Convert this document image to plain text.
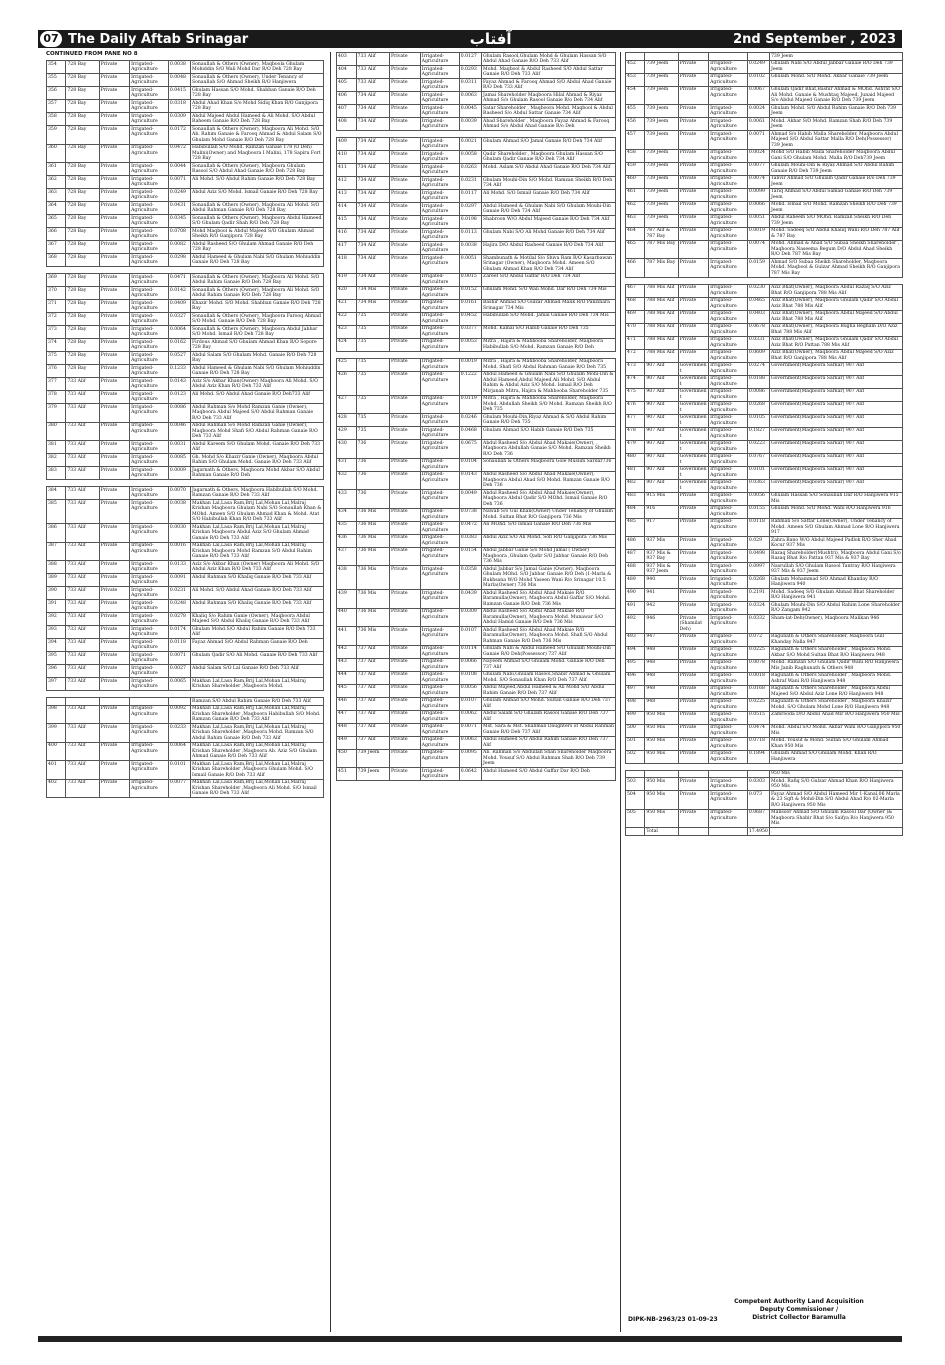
07 The Daily Aftab Srinagar	آفتاب	2nd September , 2023
CONTINUED FROM PANE NO 8
354	728 Bay	Private	Irrigated-Agriculture	0.0038	Sonaullah & Others (Owner), Maqboola Ghulam Mohiddin S/O Wali Mohd Dar R/O Deh 728 Bay
355	728 Bay	Private	Irrigated-Agriculture	0.0048	Sonaullah & Others (Owner), Under Tenancy of Sonaullah S/O Ahmad Sheikh R/O Hanjiwera
356	728 Bay	Private	Irrigated-Agriculture	0.0415	Ghulam Hassan S/O Mohd. Shabban Ganaie R/O Deh 728 Bay
357	728 Bay	Private	Irrigated-Agriculture	0.0318	Abdul Ahad Khan S/o Mohd Sidiq Khan R/O Ganjipora 728 Bay
358	728 Bay	Private	Irrigated-Agriculture	0.0309	Abdul Majeed Abdul Hameed & Ali Mohd. S/O Abdul Raheem Ganaie R/O Deh 728 Bay
359	728 Bay	Private	Irrigated-Agriculture	0.0172	Sonaullah & Others (Owner), Maqboora Ali Mohd. S/O Ab. Rahim Ganaie & Farooq Ahmad & Abdul Salam S/O Ghulam Mohd Ganaie R/O Deh 728 Bay
360	728 Bay	Private	Irrigated-Agriculture	0.0472	Habibullah S/O Mohd. Ramzan Ganaie 178 (O Deh) Malini(Owner) and Maqboora I Malini, 178 Sapiru Fort 728 Bay
361	728 Bay	Private	Irrigated-Agriculture	0.0044	Sonaullah & Others (Owner), Maqboora Ghulam Rasool S/O Abdul Ahad Ganaie R/O Deh 728 Bay
362	728 Bay	Private	Irrigated-Agriculture	0.0071	Ali Mohd. S/O Abdul Rahim Ganaie R/O Deh 728 Bay
363	728 Bay	Private	Irrigated-Agriculture	0.0249	Abdul Aziz S/O Mohd. Ismail Ganaie R/O Deh 728 Bay
364	728 Bay	Private	Irrigated-Agriculture	0.0431	Sonaullah & Others (Owner), Maqboora Ali Mohd. S/O Abdul Rahman Ganaie R/O Deh 728 Bay
365	728 Bay	Private	Irrigated-Agriculture	0.0345	Sonaullah & Others (Owner), Maqboora Abdul Hameed S/O Ghulam Qadir Shah R/O Deh 728 Bay
366	728 Bay	Private	Irrigated-Agriculture	0.0708	Mohd Maqbool & Abdul Majeed S/O Ghulam Ahmad Sheikh R/O Ganjipora 728 Bay
367	728 Bay	Private	Irrigated-Agriculture	0.0082	Abdul Rasheed S/O Ghulam Ahmad Ganaie R/O Deh 728 Bay
368	728 Bay	Private	Irrigated-Agriculture	0.0298	Abdul Hameed & Ghulam Nabi S/O Ghulam Mohiuddin Ganaie R/O Deh 728 Bay
369	728 Bay	Private	Irrigated-Agriculture	0.0471	Sonaullah & Others (Owner), Maqboora Ali Mohd. S/O Abdul Rahim Ganaie R/O Deh 728 Bay
370	728 Bay	Private	Irrigated-Agriculture	0.0142	Sonaullah & Others (Owner), Maqboora Ali Mohd. S/O Abdul Rahim Ganaie R/O Deh 728 Bay
371	728 Bay	Private	Irrigated-Agriculture	0.0409	Khazir Mohd. S/O Mohd. Shabban Ganaie R/O Deh 728 Bay
372	728 Bay	Private	Irrigated-Agriculture	0.0327	Sonaullah & Others (Owner), Maqboora Farooq Ahmad S/O Mohd. Ganaie R/O Deh 728 Bay
373	728 Bay	Private	Irrigated-Agriculture	0.0064	Sonaullah & Others (Owner), Maqboora Abdul Jabbar S/O Mohd. Ismail R/O Deh 728 Bay
374	728 Bay	Private	Irrigated-Agriculture	0.0162	Firdous Ahmad S/O Ghulam Ahmad Khan R/O Sopore 728 Bay
375	728 Bay	Private	Irrigated-Agriculture	0.0527	Abdul Salam S/O Ghulam Mohd. Ganaie R/O Deh 728 Bay
376	728 Bay	Private	Irrigated-Agriculture	0.1233	Abdul Hameed & Ghulam Nabi S/O Ghulam Mohiuddin Ganaie R/O Deh 728 Bay
377	733 Alif	Private	Irrigated-Agriculture	0.0143	Aziz S/o Akbar Khan(Owner) Maqboora Ali Mohd. S/O Abdul Aziz Khan R/O Deh 733 Alif
378	733 Alif	Private	Irrigated-Agriculture	0.0123	Ali Mohd. S/O Abdul Ahad Ganaie R/O Deh733 Alif
379	733 Alif	Private	Irrigated-Agriculture	0.0086	Abdul Rahman S/o Mohd Ramzan Ganie (Owner), Maqboora Abdul Majeed S/O Abdul Rahman Ganaie R/O Deh 733 Alif
380	733 Alif	Private	Irrigated-Agriculture	0.0046	Abdul Rahman S/o Mohd Ramzan Ganie (Owner), Maqboora Mohd Shafi S/O Abdul Rahman Ganaie R/O Deh 733 Alif
381	733 Alif	Private	Irrigated-Agriculture	0.0031	Abdul Kareem S/O Ghulam Mohd. Ganaie R/O Deh 733 Alif
382	733 Alif	Private	Irrigated-Agriculture	0.0085	Gh. Mohd S/o Khazir Ganie (Owner), Maqboora Abdul Rahim S/O Ghulam Mohd. Ganaie R/O Deh 733 Alif
383	733 Alif	Private	Irrigated-Agriculture	0.0009	Jagarnath & Others, Maqboora Mohd Akbar S/O Abdul Rahman Ganaie R/O Deh
384	733 Alif	Private	Irrigated-Agriculture	0.0070	Jagarnath & Others, Maqboora Habibullah S/O Mohd. Ramzan Ganaie R/O Deh 733 Alif
385	733 Alif	Private	Irrigated-Agriculture	0.0038	Makhan Lal,Lasa Ram,Brij Lal,Mohan Lal,Malraj Krishan Maqboora Ghulam Nabi S/O Sonaullah Khan & MOhd. Ameen S/O Ghulam Ahmad Khan & Mohd. Atat S/O Habibullah Khan R/O Deh 733 Alif
386	733 Alif	Private	Irrigated-Agriculture	0.0030	Makhan Lal,Lasa Ram,Brij Lal,Mohan Lal,Malraj Krishan Maqboora Abdul Aziz S/O Ghulam Ahmad Ganaie R/O Deh 733 Alif
387	733 Alif	Private	Irrigated-Agriculture	0.0016	Makhan Lal,Lasa Ram,Brij Lal,Mohan Lal,Malraj Krishan Maqboora Mohd Ramzan S/O Abdul Rahim Ganaie R/O Deh 733 Alif
388	733 Alif	Private	Irrigated-Agriculture	0.0133	Aziz S/o Akbar Khan (Owner) Maqboora Ali Mohd. S/O Abdul Aziz Khan R/O Deh 733 Alif
389	733 Alif	Private	Irrigated-Agriculture	0.0091	Abdul Rahman S/O Khaliq Ganaie R/O Deh 733 Alif
390	733 Alif	Private	Irrigated-Agriculture	0.0231	Ali Mohd. S/O Abdul Ahad Ganaie R/O Deh 733 Alif
391	733 Alif	Private	Irrigated-Agriculture	0.0248	Abdul Rahman S/O Khaliq Ganaie R/O Deh 733 Alif
392	733 Alif	Private	Irrigated-Agriculture	0.0278	Khaliq S/o Rahim Ganie (Owner), Maqboora Abdul Majeed S/O Abdul Khaliq Ganaie R/O Deh 733 Alif
393	733 Alif	Private	Irrigated-Agriculture	0.0174	Ghulam Mohd.S/O Abdul Rahim Ganaie R/O Deh 733 Alif
394	733 Alif	Private	Irrigated-Agriculture	0.0118	Fayaz Ahmad S/O Abdul Rahman Ganaie R/O Deh
395	733 Alif	Private	Irrigated-Agriculture	0.0071	Ghulam Qadir S/O Ali Mohd. Ganaie R/O Deh 733 Alif
396	733 Alif	Private	Irrigated-Agriculture	0.0027	Abdul Salam S/O Lal Ganaie R/O Deh 733 Alif
397	733 Alif	Private	Irrigated-Agriculture	0.0065	Makhan Lal,Lasa Ram,Brij Lal,Mohan Lal,Malraj Krishan Shareholder ,Maqboora Mohd.
					Ramzan S/O Abdul Rahim Ganaie R/O Deh 733 Alif
398	733 Alif	Private	Irrigated-Agriculture	0.0092	Makhan Lal,Lasa Ram,Brij Lal,Mohan Lal,Malraj Krishan Shareholder ,Maqboora Habibullah S/O Mohd. Ramzan Ganaie R/O Deh 733 Alif
399	733 Alif	Private	Irrigated-Agriculture	0.0233	Makhan Lal,Lasa Ram,Brij Lal,Mohan Lal,Malraj Krishan Shareholder ,Maqboora Mohd. Ramzan S/O Abdul Rahim Ganaie R/O Deh 733 Alif
400	733 Alif	Private	Irrigated-Agriculture	0.0064	Makhan Lal,Lasa Ram,Brij Lal,Mohan Lal,Malraj Krishan Shareholder ,Maqboora Ab. Aziz S/O Ghulam Ahmad Ganaie R/O Deh 733 Alif
401	733 Alif	Private	Irrigated-Agriculture	0.0101	Makhan Lal,Lasa Ram,Brij Lal,Mohan Lal,Malraj Krishan Shareholder ,Maqboora Ghulam Mohd. S/O Ismail Ganaie R/O Deh 733 Alif
402	733 Alif	Private	Irrigated-Agriculture	0.0077	Makhan Lal,Lasa Ram,Brij Lal,Mohan Lal,Malraj Krishan Shareholder ,Maqboora Ali Mohd. S/O Ismail Ganaie R/O Deh 733 Alif
403	733 Alif	Private	Irrigated-Agriculture	0.0127	Ghulam Rasool,Ghulam Mohd & Ghulam Hassan S/O Abdul Ahad Ganaie R/O Deh 733 Alif
404	733 Alif	Private	Irrigated-Agriculture	0.0293	Mohd. Maqbool & Abdul Rasheed S/O Abdul Sattar Ganaie R/O Deh 733 Alif
405	733 Alif	Private	Irrigated-Agriculture	0.0311	Fayaz Ahmad & Farooq Ahmad S/O Abdul Ahad Ganaie R/O Deh 733 Alif
406	734 Alif	Private	Irrigated-Agriculture	0.0063	Jamai Shareholder Maqboora Hilal Ahmad & Riyaz Ahmad S/o Ghulam Rasool Ganaie R/o Deh 734 Alif
407	734 Alif	Private	Irrigated-Agriculture	0.0045	Satar Shareholder , Maqboora Mohd. Maqbool & Abdul Rasheed S/o Abdul Sattar Ganaie 734 Alif
408	734 Alif	Private	Irrigated-Agriculture	0.0039	Abad Shareholder , Maqboora Fayaz Ahmad & Farooq Ahmad S/o Abdul Ahad Ganaie R/o Deh
409	734 Alif	Private	Irrigated-Agriculture	0.0021	Ghulam Ahmad S/O Jamal Ganaie R/O Deh 734 Alif
410	734 Alif	Private	Irrigated-Agriculture	0.0058	Qadir Shareholder , Maqboora Ghulam Hassan S/O Ghulam Qadir Ganaie R/O Deh 734 Alif
411	734 Alif	Private	Irrigated-Agriculture	0.0263	Mohd. Aslam S/O Abdul Ahad Ganaie R/O Deh 734 Alif
412	734 Alif	Private	Irrigated-Agriculture	0.0231	Ghulam Mouhi-Din S/O Mohd. Ramzan Sheikh R/O Deh 734 Alif
413	734 Alif	Private	Irrigated-Agriculture	0.0117	Ali Mohd. S/O Ismail Ganaie R/O Deh 734 Alif
414	734 Alif	Private	Irrigated-Agriculture	0.0297	Abdul Hameed & Ghulam Nabi S/O Ghulam Mouhi-Din Ganaie R/O Deh 734 Alif
415	734 Alif	Private	Irrigated-Agriculture	0.0198	Shabroon W/O Abdul Majeed Ganaie R/O Deh 734 Alif
416	734 Alif	Private	Irrigated-Agriculture	0.0113	Ghulam Nabi S/O Ali Mohd Ganaie R/O Deh 734 Alif
417	734 Alif	Private	Irrigated-Agriculture	0.0038	Hajira D/O Abdul Rasheed Ganaie R/O Deh 734 Alif
418	734 Alif	Private	Irrigated-Agriculture	0.0051	Shambunath & Motilal S/o Shiva Ram R/O Kasarbawan Srinagar (Owner), Maqboora Mohd. Ameen S/O Ghulam Ahmad Khan R/O Deh 734 Alif
419	734 Alif	Private	Irrigated-Agriculture	0.0015	Zareef S/O Abdul Gaffar R/O Deh 734 Alif
420	734 Mis	Private	Irrigated-Agriculture	0.0152	Ghulam Mohd. S/O Wali Mohd. Dar R/O Deh 734 Mis
421	734 Mis	Private	Irrigated-Agriculture	0.0161	Bashir Ahmad S/O Gulzar Ahmad Malik R/O Panzinara Srinagar 734 Mis
422	735	Private	Irrigated-Agriculture	0.0452	Habibullah S/O Mohd. Jamal Ganaie R/O Deh 734 Mis
423	735	Private	Irrigated-Agriculture	0.0377	Mohd. Kamal S/O Habib Ganaie R/O Deh 735
424	735	Private	Irrigated-Agriculture	0.0053	Mitra , Hajira & Mahbooba Shareholder, Maqboora Habibullah S/O Mohd. Ramzan Ganaie R/O Deh
425	735	Private	Irrigated-Agriculture	0.0019	Mitra , Hajira & Mahbooba Shareholder, Maqboora Mohd. Shafi S/O Abdul Rahman Ganaie R/O Deh 735
426	735	Private	Irrigated-Agriculture	0.1222	Abdul Hameed & Ghulam Nabi S/O Ghulam Mohi-Din & Abdul Hameed,Abdul Majeed,Ali Mohd. S/O Abdul Rahim & Abdul Aziz S/O Mohd. Ismail R/O Deh Mirjanab Mitra, Hajira & Mahbooba Shareholder 735
427	735	Private	Irrigated-Agriculture	0.0119	Mitra , Hajira & Mahbooba Shareholder, Maqboora Mohd. Abdullah Sheikh S/O Mohd. Ramzan Sheikh R/O Deh 735
428	735	Private	Irrigated-Agriculture	0.0246	Ghulam Mouhi-Din,Riyaz Ahmad & S/O Abdul Rahim Ganaie R/O Deh 735
429	735	Private	Irrigated-Agriculture	0.0468	Ghulam Ahmad S/O Habib Ganaie R/O Deh 735
430	736	Private	Irrigated-Agriculture	0.0675	Abdul Rasheed S/o Abdul Ahad Makaie(Owner), , Maqboora Abdullah Ganaie S/O Mohd. Ramzan Sheikh R/O Deh 736
431	736	Private	Irrigated-Agriculture	0.0104	Sonaullah & Others Maqboora Gole Muslim Sardar736
432	736	Private	Irrigated-Agriculture	0.0143	Abdul Rasheed S/o Abdul Ahad Makaie(Owner), Maqboora Abdul Ahad S/O Mohd. Ramzan Ganaie R/O Deh 736
433	736	Private	Irrigated-Agriculture	0.0049	Abdul Rasheed S/o Abdul Ahad Makaie(Owner), Maqboora Abdul Qadir S/O MOhd. Ismail Ganaie R/O Deh 736
434	736 Mis	Private	Irrigated-Agriculture	0.0738	Nawab S/o Gul Khan(Owner) Under Tenancy of Ghulam Mohd. Sultan Bhat R/O Ganjipora 736 Mis
435	736 Mis	Private	Irrigated-Agriculture	0.0472	Ali MOhd. S/O Ismail Ganaie R/O Deh 736 Mis
436	736 Mis	Private	Irrigated-Agriculture	0.0383	Abdul Aziz S/O Ali Mohd. Sofi R/O Ganjipora 736 Mis
437	736 Mis	Private	Irrigated-Agriculture	0.0154	Abdul Jabbar Ganie S/o Mohd Jamal ( Owner) Maqboora ,Ghulam Qadir S/O Jabbar Ganaie R/O Deh 736 Mis
438	736 Mis	Private	Irrigated-Agriculture	0.0358	Abdul Jabbar S/o Jamal Ganie (Owner), Maqboora Ghulam MOhd. S/O Jabbar Ganaie R/O Deh (1-Marla & Rukhsana W/O Mohd Yaseen Wani R/o Srinagar 10.5 Marla(Owner) 736 Mis
439	736 Mis	Private	Irrigated-Agriculture	0.0439	Abdul Rasheed S/o Abdul Ahad Makaie R/O Baramulla(Owner), Maqboora Abdul Gaffar S/O Mohd. Ramzan Ganaie R/O Deh 736 Mis
440	736 Mis	Private	Irrigated-Agriculture	0.0309	Abdul Rasheed S/o Abdul Ahad Makaie R/O Baramulla(Owner), Maqboora Mohd. Munawar S/O Abdul Hamid Ganaie R/O Deh 736 Mis
441	736 Mis	Private	Irrigated-Agriculture	0.0107	Abdul Rasheed S/o Abdul Ahad Makaie R/O Baramulla(Owner), Maqboora Mohd. Shafi S/O Abdul Rahman Ganaie R/O Deh 736 Mis
442	737 Alif	Private	Irrigated-Agriculture	0.0114	Ghulam Nabi & Abdul Hameed S/O Ghulam Mouhi-Din Ganaie R/O Deh(Possessor) 737 Alif
443	737 Alif	Private	Irrigated-Agriculture	0.0066	Nayeem Ahmad S/O Ghulam Mohd. Ganaie R/O Deh 737 Alif
444	737 Alif	Private	Irrigated-Agriculture	0.0108	Ghulam Nabi,Ghulam Rasool,Shabir Ahmad & Ghulam Mohd. S/O Sonaullah Khan R/O Deh 737 Alif
445	737 Alif	Private	Irrigated-Agriculture	0.0056	Abdul Majeed,Abdul Hameed & Ali Mohd S/O Abdul Rahim Ganaie R/O Deh 737 Alif
446	737 Alif	Private	Irrigated-Agriculture	0.0107	Ghulam Ahmad S/O Mohd. Sultan Ganaie R/O Deh 737 Alif
447	737 Alif	Private	Irrigated-Agriculture	0.0062	Abdul Salam S/O Ghulam Rasool Ganaie R/O Deh 737 Alif
448	737 Alif	Private	Irrigated-Agriculture	0.0071	Mst. Sara & Mst. Shahmali Daughters of Abdul Rahman Ganaie R/O Deh 737 Alif
449	737 Alif	Private	Irrigated-Agriculture	0.0063	Abdul Hameed S/O Abdul Rahim Ganaie R/O Deh 737 Alif
450	739 Jeem	Private	Irrigated-Agriculture	0.0095	Ab. Rahman S/o Abdullah Shah Shareholder Maqboora Mohd. Yousuf S/O Abdul Rahman Shah R/O Deh 739 Jeem
451	739 Jeem	Private	Irrigated-Agriculture	0.0642	Abdul Hameed S/O Abdul Gaffar Dar R/O Deh
					739 Jeem
452	739 Jeem	Private	Irrigated-Agriculture	0.0249	Ghulam Nabi S/O Abdul Jabbar Ganaie R/O Deh 739 Jeem
453	739 Jeem	Private	Irrigated-Agriculture	0.0102	Ghulam Mohd. S/O Mohd. Akbar Ganaie 739 Jeem
454	739 Jeem	Private	Irrigated-Agriculture	0.0067	Ghulam Qadir Bhat,Bashir Ahmad & MOhd. Ashraf S/O Ali Mohd. Ganaie & Mushtaq Majeed, Junaid Majeed S/o Abdul Majeed Ganaie R/O Deh 739 Jeem
455	739 Jeem	Private	Irrigated-Agriculture	0.0024	Ghulam Mohd. S/O Abdul Rahim Ganaie R/O Deh 739 Jeem
456	739 Jeem	Private	Irrigated-Agriculture	0.0061	Mohd. Akbar S/O Mohd. Ramzan Shah R/O Deh 739 Jeem
457	739 Jeem	Private	Irrigated-Agriculture	0.0071	Ahmad S/o Habib Malla Shareholder, Maqboora Abdul Majeed S/O Abdul Sattar Malla R/O Deh(Possessor) 739 Jeem
458	739 Jeem	Private	Irrigated-Agriculture	0.0024	Mohd S/O Habib Malla Shareholder Maqboora Abdul Gani S/O Ghulam Mohd. Malla R/O Deh739 Jeem
459	739 Jeem	Private	Irrigated-Agriculture	0.0077	Ghulam Mouhi-Din & Riyaz Ahmad S/O Abdul Rahim Ganaie R/O Deh 739 Jeem
460	739 Jeem	Private	Irrigated-Agriculture	0.0074	Tanvir Ahmad S/O Ghulam Qadir Ganaie R/o Deh 739 Jeem
461	739 Jeem	Private	Irrigated-Agriculture	0.0099	Tariq Ahmad S/O Abdul Samad Ganaie R/O Deh 739 Jeem
462	739 Jeem	Private	Irrigated-Agriculture	0.0066	Mohd. Ismail S/O Mohd. Ramzan Sheikh R/O Deh 739 Jeem
463	739 Jeem	Private	Irrigated-Agriculture	0.0051	Abdul Raheem S/O MOhd. Ramzan Sheikh R/O Deh 739 Jeem
464	787 Alif & 787 Bay	Private	Irrigated-Agriculture	0.0019	Mohd. Sadeeq S/O Abdul Khaliq Wani R/O Deh 787 Alif & 787 Bay
465	787 Mis Bay	Private	Irrigated-Agriculture	0.0074	Mohd. Ahmad & Ahad S/O Subaa Sheikh Shareholder , Maqboora Naseema Begum D/O Abdul Ahad Sheikh R/O Deh 787 Mis Bay
466	787 Mis Bay	Private	Irrigated-Agriculture	0.0159	Ahmad S/O Subaa Sheikh Shareholder, Maqboora Mohd. Maqbool & Gulzar Ahmad Sheikh R/O Ganjipora 787 Mis Bay
467	788 Mis Alif	Private	Irrigated-Agriculture	0.0230	Aziz Bhat(Owner), Maqboora Abdul Razaq S/O Aziz Bhat R/O Ganjipora 788 Mis Alif
468	788 Mis Alif	Private	Irrigated-Agriculture	0.0465	Aziz Bhat(Owner), Maqboora Ghulam Qadir S/O Abdul Aziz Bhat 788 Mis Alif
469	788 Mis Alif	Private	Irrigated-Agriculture	0.0403	Aziz Bhat(Owner), Maqboora Abdul Majeed S/O Abdul Aziz Bhat 788 Mis Alif
470	788 Mis Alif	Private	Irrigated-Agriculture	0.0678	Aziz Bhat(Owner), Maqboora Bugha Begham D/O Aziz Bhat 788 Mis Alif
471	788 Mis Alif	Private	Irrigated-Agriculture	0.0331	Aziz Bhat(Owner), Maqboora Ghulam Qadir S/O Abdul Aziz Bhat R/O Pattan 788 Mis Alif
472	788 Mis Alif	Private	Irrigated-Agriculture	0.0609	Aziz Bhat(Owner), Maqboora Abdul Majeed S/O Aziz Bhat R/O Ganjipora 788 Mis Alif
473	907 Alif	Government	Irrigated-Agriculture	0.0274	Government(Maqboora Sarkar) 907 Alif
474	907 Alif	Government	Irrigated-Agriculture	0.0188	Government(Maqboora Sarkar) 907 Alif
475	907 Alif	Government	Irrigated-Agriculture	0.0086	Government(Maqboora Sarkar) 907 Alif
476	907 Alif	Government	Irrigated-Agriculture	0.0268	Government(Maqboora Sarkar) 907 Alif
477	907 Alif	Government	Irrigated-Agriculture	0.0105	Government(Maqboora Sarkar) 907 Alif
478	907 Alif	Government	Irrigated-Agriculture	0.1827	Government(Maqboora Sarkar) 907 Alif
479	907 Alif	Government	Irrigated-Agriculture	0.0223	Government(Maqboora Sarkar) 907 Alif
480	907 Alif	Government	Irrigated-Agriculture	0.0767	Government(Maqboora Sarkar) 907 Alif
481	907 Alif	Government	Irrigated-Agriculture	0.0101	Government(Maqboora Sarkar) 907 Alif
482	907 Alif	Government	Irrigated-Agriculture	0.0363	Government(Maqboora Sarkar) 907 Alif
483	915 Mis	Private	Irrigated-Agriculture	0.0056	Ghulam Hassan S/O Sonaullah Dar R/O Hanjiwera 915 Mis
484	916	Private	Irrigated-Agriculture	0.0155	Ghulam Mohd. S/O Mohd. Wani R/O Hanjiwera 916
485	917	Private	Irrigated-Agriculture	0.0118	Rahman S/o Sattar Lone(Owner), Under Tenancy of Mohd. Ameen S/O Ghulam Ahmad Lone R/O Hanjiwera 917
486	937 Mis	Private	Irrigated-Agriculture	0.029	Zahra Bano W/O Abdul Majeed Padlok R/O Sher Ahad Kocur 937 Mis
487	937 Mis & 937 Bay	Private	Irrigated-Agriculture	0.0498	Razaq Shareholder(Mushtri), Maqboora Abdul Gani S/o Razaq Bhat R/o Pattan 937 Mis & 937 Bay
488	937 Mis & 937 Jeem	Private	Irrigated-Agriculture	0.0997	Nasrullah S/O Ghulam Rasool Tantray R/O Hanjiwera 937 Mis & 937 Jeem
489	940	Private	Irrigated-Agriculture	0.0268	Ghulam Mohammad S/O Ahmad Khanday R/O Hanjiwera 940
490	941	Private	Irrigated-Agriculture	0.2191	Mohd. Sadeeq S/O Ghulam Ahmad Bhat Shareholder R/O Hanjiwera 941
491	942	Private	Irrigated-Agriculture	0.0324	Ghulam Mouhi-Din S/O Abdul Rahim Lone Shareholder R/O Zangam 942
492	946	Private (Shamilat Deh)	Irrigated-Agriculture	0.0332	Sham-lat-Deh(Owner), Maqboora Malikan 946
493	947	Private	Irrigated-Agriculture	0.072	Ragunath & Others Shareholder, Maqboora Gull Khanday Nalla 947
494	948	Private	Irrigated-Agriculture	0.0225	Ragunath & Others Shareholder , Maqboora Mohd. Akbar S/O Mohd Sultan Bhat R/O Hanjiwera 948
495	948	Private	Irrigated-Agriculture	0.0078	Mohd. Ramzan S/O Ghulam Qadir Wani R/O Hanjiwera Mis Janib Raghunath & Others 948
496	948	Private	Irrigated-Agriculture	0.0018	Ragunath & Others Shareholder , Maqboora Mohd. Ashraf Wani R/O Hanjiwera 948
497	948	Private	Irrigated-Agriculture	0.0168	Ragunath & Others Shareholder , Maqboora Abdul Majeed S/O Abdul Aziz Lone R/O Hanjiwera 948
498	948	Private	Irrigated-Agriculture	0.0225	Ragunath & Others Shareholder , Maqboora Khazir Mohd. S/O Ghulam Mohd Lone R/O Hanjiwera 948
499	950 Mis	Private	Irrigated-Agriculture	0.0515	Zamrooda D/O Abdul Ahad Mir R/O Hanjiwera 950 Mis
500	950 Mis	Private	Irrigated-Agriculture	0.0474	Mohd. Abdul S/O Mohd. Akbar Wani R/O Ganjipora 950 Mis
501	950 Mis	Private	Irrigated-Agriculture	0.0718	Mohd. Yousuf & Mohd. Sultan S/O Ghulam Ahmad Khan 950 Mis
502	950 Mis	Private	Irrigated-Agriculture	0.1894	Ghulam Ahmad S/O Ghulam Mohd. Khan R/O Hanjiwera
					950 Mis
503	950 Mis	Private	Irrigated-Agriculture	0.0303	Mohd. Rafiq S/O Gulzar Ahmad Khan R/O Hanjiwera 950 Mis
504	950 Mis	Private	Irrigated-Agriculture	0.073	Fayaz Ahmad S/O Abdul Hameed Mir 1-Kanal,06 Marla & 23 Sqft & Mohd-Din S/O Abdul Ahad R/o 02-Marla R/O Hanjiwera 950 Mis
505	950 Mis	Private	Irrigated-Agriculture	0.0687	Mansoor Ahmad S/O Ghulam Rasool Dar (Owner )& Maqboora Shabir Bhat S/o Saifya R/o Hanjiwera 950 Mis
	Total			17.4950	
Competent Authority Land Acquisition
Deputy Commissioner /
District Collector Baramulla
DIPK-NB-2963/23 01-09-23
